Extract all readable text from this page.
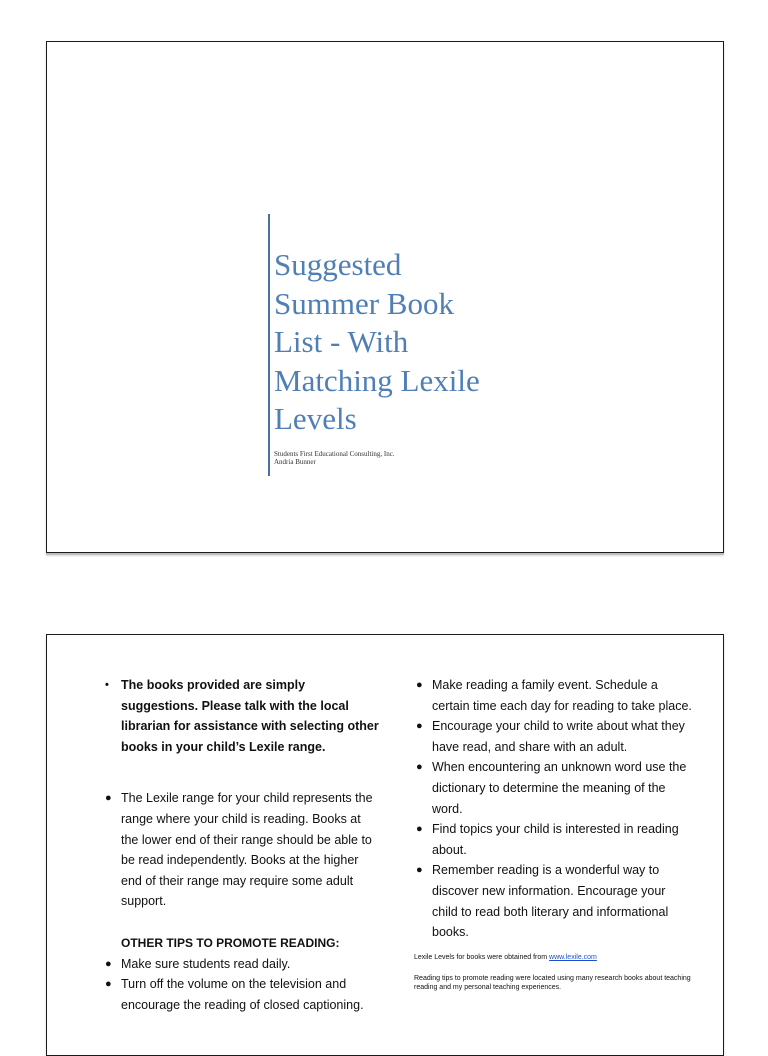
Suggested
Summer Book
List - With
Matching Lexile
Levels
Students First Educational Consulting, Inc.
Andria Bunner

• The books provided are simply suggestions. Please talk with the local librarian for assistance with selecting other books in your child’s Lexile range.

● The Lexile range for your child represents the range where your child is reading. Books at the lower end of their range should be able to be read independently. Books at the higher end of their range may require some adult support.

OTHER TIPS TO PROMOTE READING:

● Make sure students read daily.

● Turn off the volume on the television and encourage the reading of closed captioning.

● Make reading a family event. Schedule a certain time each day for reading to take place.

● Encourage your child to write about what they have read, and share with an adult.

● When encountering an unknown word use the dictionary to determine the meaning of the word.

● Find topics your child is interested in reading about.

● Remember reading is a wonderful way to discover new information. Encourage your child to read both literary and informational books.

Lexile Levels for books were obtained from www.lexile.com
Reading tips to promote reading were located using many research books about teaching reading and my personal teaching experiences.
